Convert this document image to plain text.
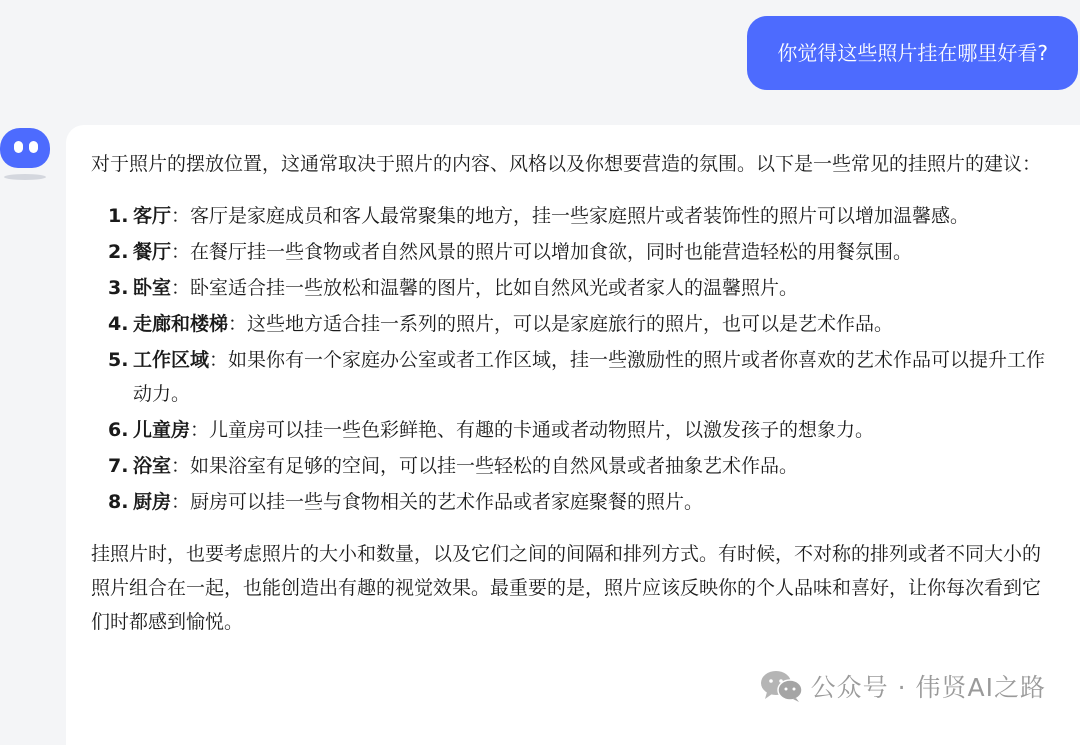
你觉得这些照片挂在哪里好看?

对于照片的摆放位置，这通常取决于照片的内容、风格以及你想要营造的氛围。以下是一些常见的挂照片的建议：

1. 客厅：客厅是家庭成员和客人最常聚集的地方，挂一些家庭照片或者装饰性的照片可以增加温馨感。
2. 餐厅：在餐厅挂一些食物或者自然风景的照片可以增加食欲，同时也能营造轻松的用餐氛围。
3. 卧室：卧室适合挂一些放松和温馨的图片，比如自然风光或者家人的温馨照片。
4. 走廊和楼梯：这些地方适合挂一系列的照片，可以是家庭旅行的照片，也可以是艺术作品。
5. 工作区域：如果你有一个家庭办公室或者工作区域，挂一些激励性的照片或者你喜欢的艺术作品可以提升工作动力。
6. 儿童房：儿童房可以挂一些色彩鲜艳、有趣的卡通或者动物照片，以激发孩子的想象力。
7. 浴室：如果浴室有足够的空间，可以挂一些轻松的自然风景或者抽象艺术作品。
8. 厨房：厨房可以挂一些与食物相关的艺术作品或者家庭聚餐的照片。

挂照片时，也要考虑照片的大小和数量，以及它们之间的间隔和排列方式。有时候，不对称的排列或者不同大小的照片组合在一起，也能创造出有趣的视觉效果。最重要的是，照片应该反映你的个人品味和喜好，让你每次看到它们时都感到愉悦。

公众号 · 伟贤AI之路
